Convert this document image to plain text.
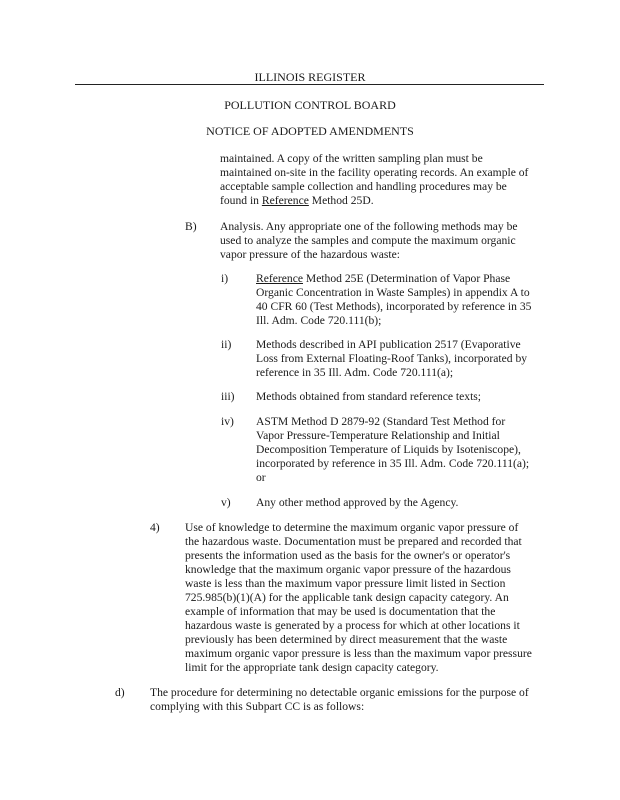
ILLINOIS REGISTER
POLLUTION CONTROL BOARD
NOTICE OF ADOPTED AMENDMENTS
maintained. A copy of the written sampling plan must be
maintained on-site in the facility operating records. An example of
acceptable sample collection and handling procedures may be
found in Reference Method 25D.
B) Analysis. Any appropriate one of the following methods may be
used to analyze the samples and compute the maximum organic
vapor pressure of the hazardous waste:
i) Reference Method 25E (Determination of Vapor Phase
Organic Concentration in Waste Samples) in appendix A to
40 CFR 60 (Test Methods), incorporated by reference in 35
Ill. Adm. Code 720.111(b);
ii) Methods described in API publication 2517 (Evaporative
Loss from External Floating-Roof Tanks), incorporated by
reference in 35 Ill. Adm. Code 720.111(a);
iii) Methods obtained from standard reference texts;
iv) ASTM Method D 2879-92 (Standard Test Method for
Vapor Pressure-Temperature Relationship and Initial
Decomposition Temperature of Liquids by Isoteniscope),
incorporated by reference in 35 Ill. Adm. Code 720.111(a);
or
v) Any other method approved by the Agency.
4) Use of knowledge to determine the maximum organic vapor pressure of
the hazardous waste. Documentation must be prepared and recorded that
presents the information used as the basis for the owner's or operator's
knowledge that the maximum organic vapor pressure of the hazardous
waste is less than the maximum vapor pressure limit listed in Section
725.985(b)(1)(A) for the applicable tank design capacity category. An
example of information that may be used is documentation that the
hazardous waste is generated by a process for which at other locations it
previously has been determined by direct measurement that the waste
maximum organic vapor pressure is less than the maximum vapor pressure
limit for the appropriate tank design capacity category.
d) The procedure for determining no detectable organic emissions for the purpose of
complying with this Subpart CC is as follows:
